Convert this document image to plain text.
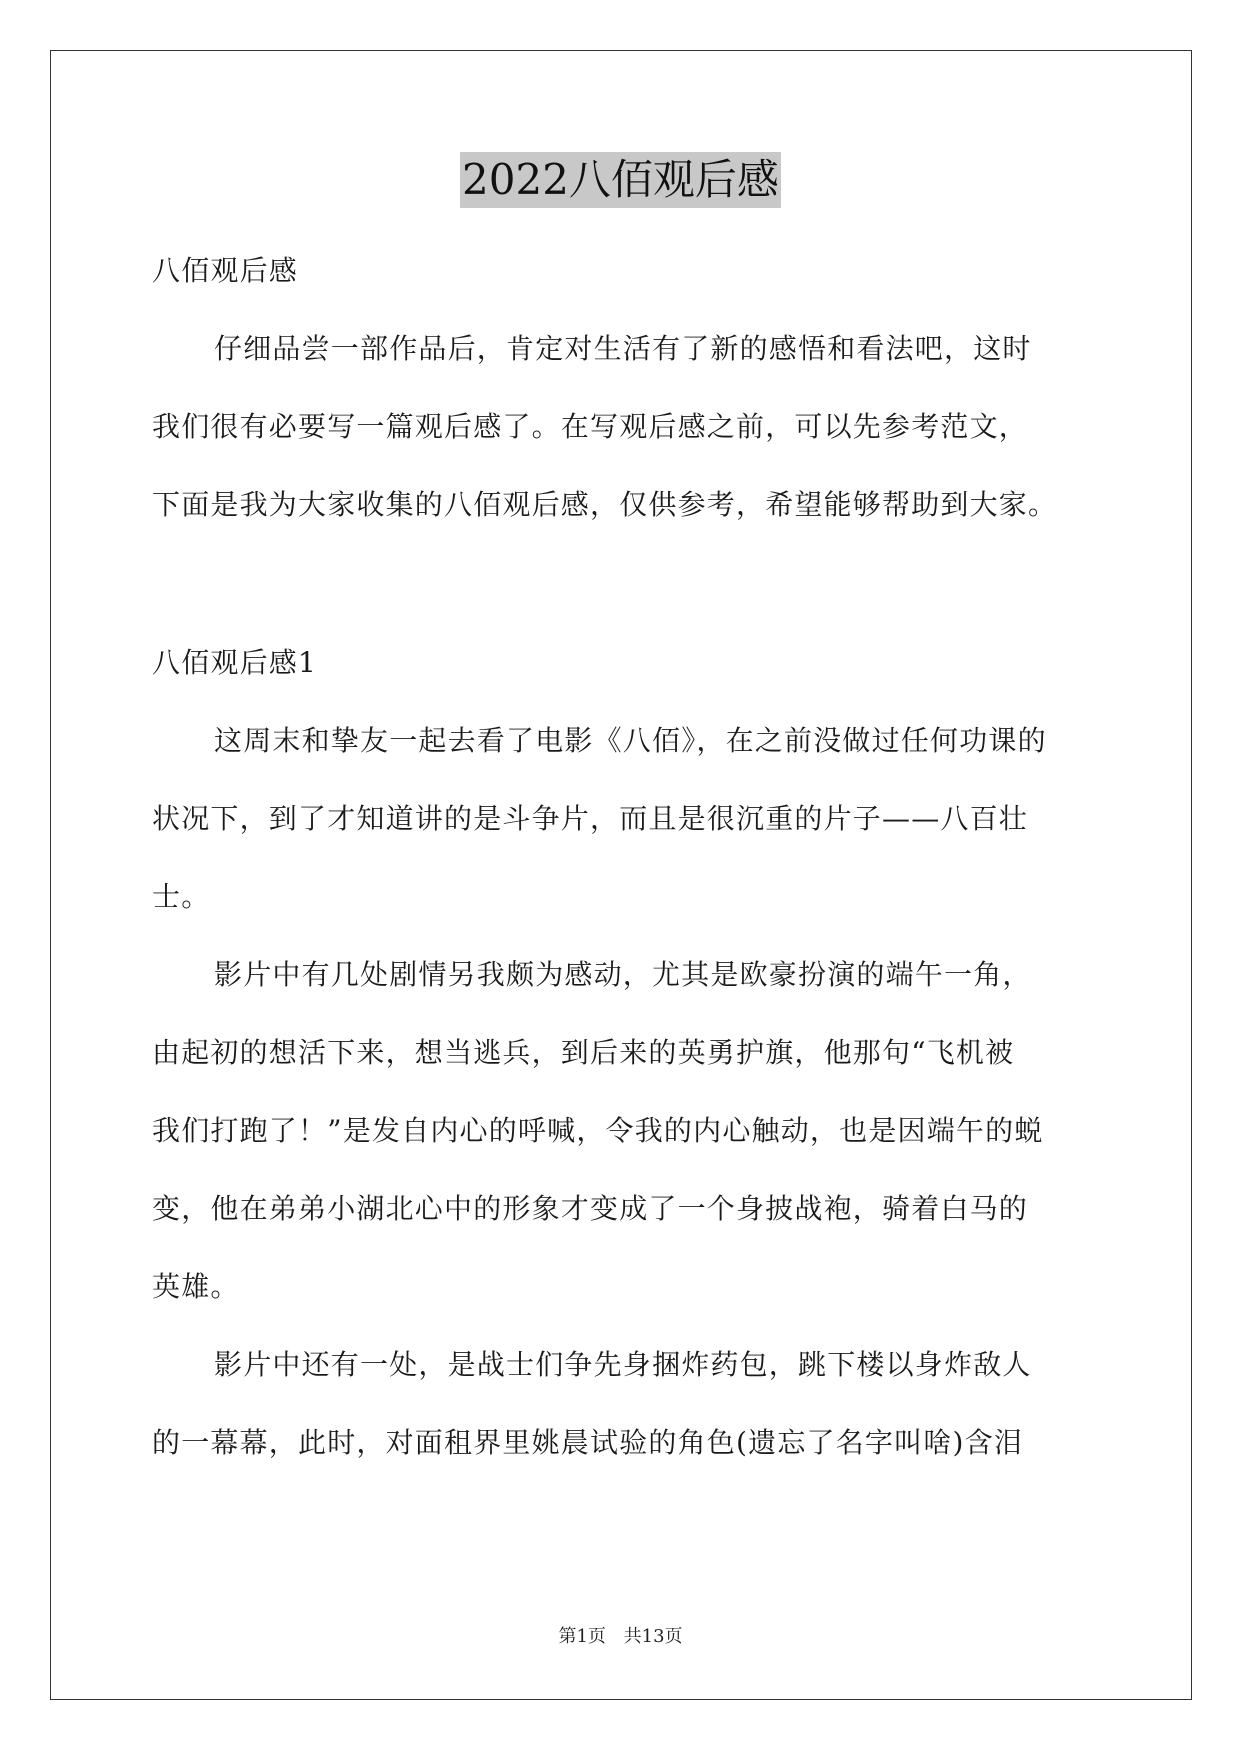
2022八佰观后感
八佰观后感
仔细品尝一部作品后，肯定对生活有了新的感悟和看法吧，这时
我们很有必要写一篇观后感了。在写观后感之前，可以先参考范文，
下面是我为大家收集的八佰观后感，仅供参考，希望能够帮助到大家。
八佰观后感1
这周末和挚友一起去看了电影《八佰》，在之前没做过任何功课的
状况下，到了才知道讲的是斗争片，而且是很沉重的片子——八百壮
士。
影片中有几处剧情另我颇为感动，尤其是欧豪扮演的端午一角，
由起初的想活下来，想当逃兵，到后来的英勇护旗，他那句“飞机被
我们打跑了！”是发自内心的呼喊，令我的内心触动，也是因端午的蜕
变，他在弟弟小湖北心中的形象才变成了一个身披战袍，骑着白马的
英雄。
影片中还有一处，是战士们争先身捆炸药包，跳下楼以身炸敌人
的一幕幕，此时，对面租界里姚晨试验的角色(遗忘了名字叫啥)含泪
第1页 共13页
